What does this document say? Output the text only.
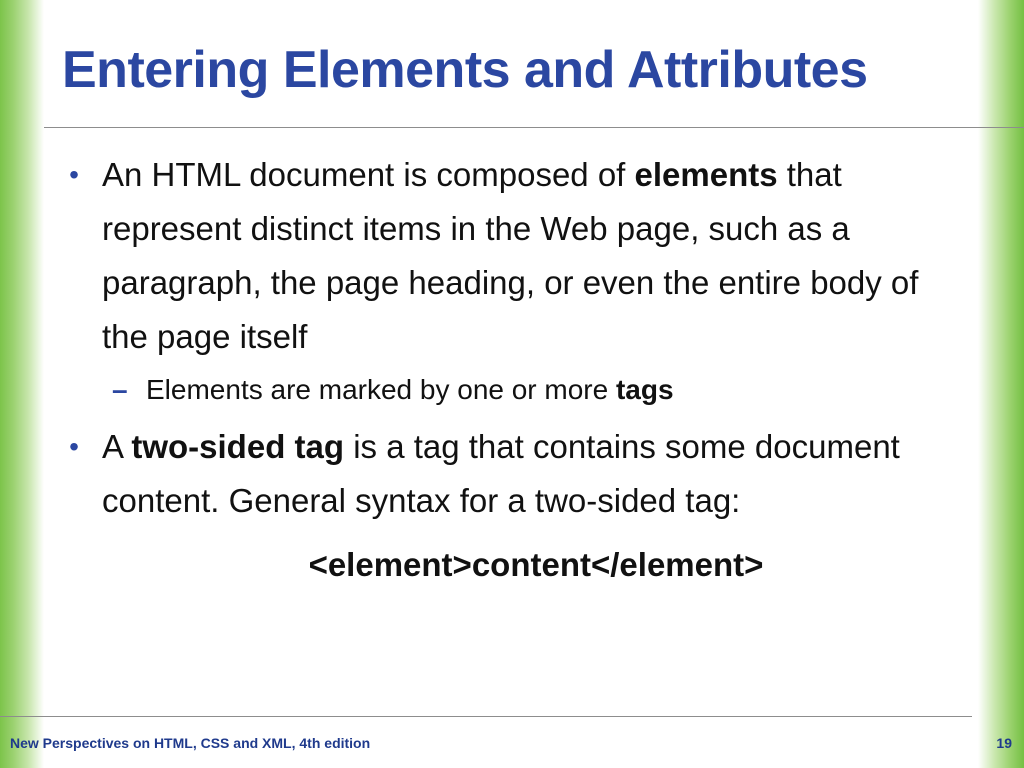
Entering Elements and Attributes
• An HTML document is composed of elements that represent distinct items in the Web page, such as a paragraph, the page heading, or even the entire body of the page itself
– Elements are marked by one or more tags
• A two-sided tag is a tag that contains some document content. General syntax for a two-sided tag:
<element>content</element>
New Perspectives on HTML, CSS and XML, 4th edition	19
